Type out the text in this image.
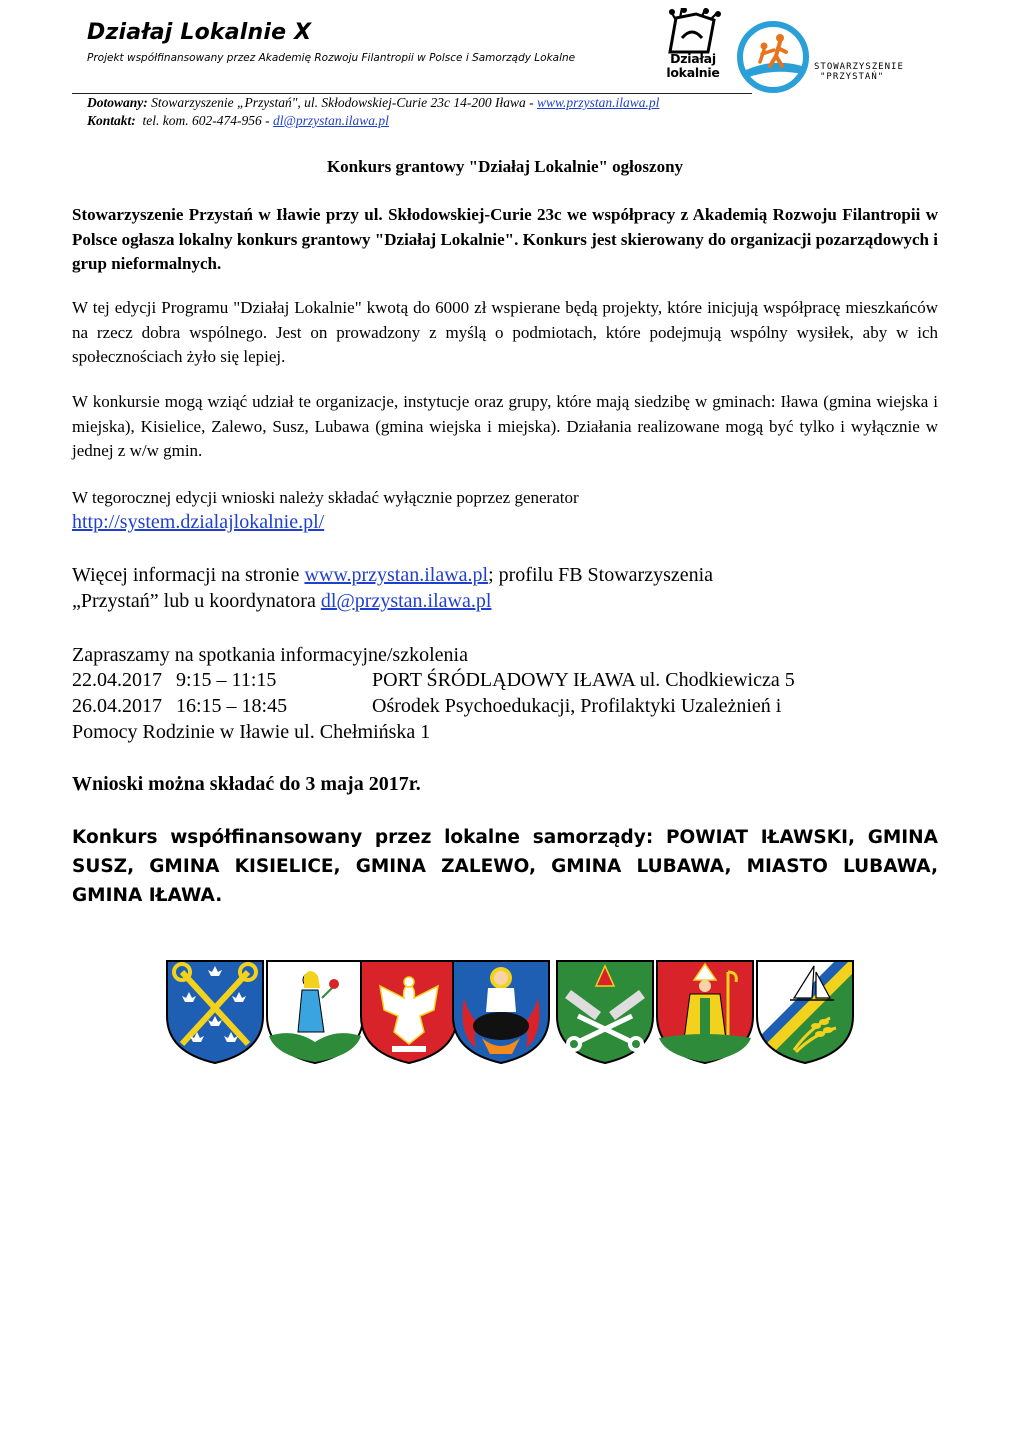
Działaj Lokalnie X
Projekt współfinansowany przez Akademię Rozwoju Filantropii w Polsce i Samorządy Lokalne	Działaj
lokalnie	STOWARZYSZENIE
"PRZYSTAŃ"
Dotowany: Stowarzyszenie „Przystań", ul. Skłodowskiej-Curie 23c 14-200 Iława - www.przystan.ilawa.pl
Kontakt: tel. kom. 602-474-956 - dl@przystan.ilawa.pl
Konkurs grantowy "Działaj Lokalnie" ogłoszony
Stowarzyszenie Przystań w Iławie przy ul. Skłodowskiej-Curie 23c we współpracy z Akademią Rozwoju Filantropii w Polsce ogłasza lokalny konkurs grantowy "Działaj Lokalnie". Konkurs jest skierowany do organizacji pozarządowych i grup nieformalnych.
W tej edycji Programu "Działaj Lokalnie" kwotą do 6000 zł wspierane będą projekty, które inicjują współpracę mieszkańców na rzecz dobra wspólnego. Jest on prowadzony z myślą o podmiotach, które podejmują wspólny wysiłek, aby w ich społecznościach żyło się lepiej.
W konkursie mogą wziąć udział te organizacje, instytucje oraz grupy, które mają siedzibę w gminach: Iława (gmina wiejska i miejska), Kisielice, Zalewo, Susz, Lubawa (gmina wiejska i miejska). Działania realizowane mogą być tylko i wyłącznie w jednej z w/w gmin.
W tegorocznej edycji wnioski należy składać wyłącznie poprzez generator
http://system.dzialajlokalnie.pl/
Więcej informacji na stronie www.przystan.ilawa.pl; profilu FB Stowarzyszenia
„Przystań” lub u koordynatora dl@przystan.ilawa.pl
Zapraszamy na spotkania informacyjne/szkolenia
22.04.2017 9:15 – 11:15	PORT ŚRÓDLĄDOWY IŁAWA ul. Chodkiewicza 5
26.04.2017 16:15 – 18:45	Ośrodek Psychoedukacji, Profilaktyki Uzależnień i
Pomocy Rodzinie w Iławie ul. Chełmińska 1
Wnioski można składać do 3 maja 2017r.
Konkurs współfinansowany przez lokalne samorządy: POWIAT IŁAWSKI, GMINA SUSZ, GMINA KISIELICE, GMINA ZALEWO, GMINA LUBAWA, MIASTO LUBAWA, GMINA IŁAWA.
